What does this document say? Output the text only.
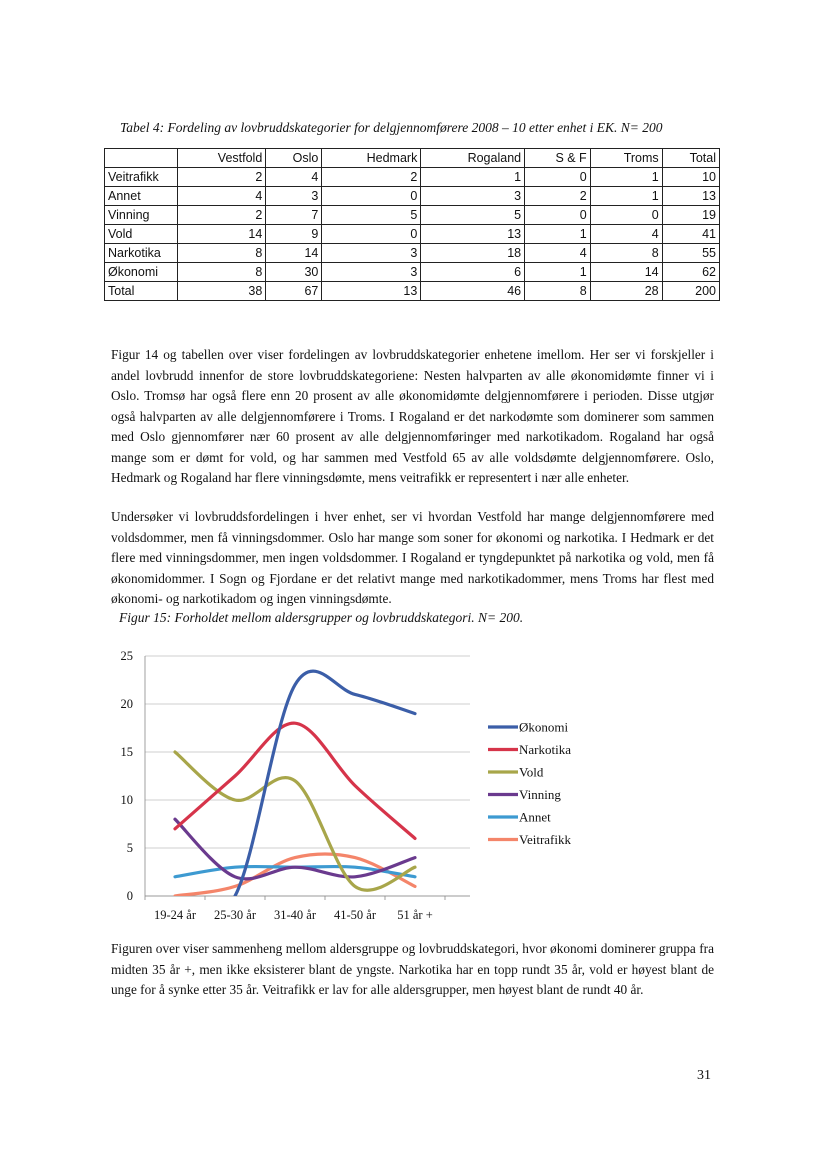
Tabel 4: Fordeling av lovbruddskategorier for delgjennomførere 2008 – 10 etter enhet i EK. N= 200
	Vestfold	Oslo	Hedmark	Rogaland	S & F	Troms	Total
Veitrafikk	2	4	2	1	0	1	10
Annet	4	3	0	3	2	1	13
Vinning	2	7	5	5	0	0	19
Vold	14	9	0	13	1	4	41
Narkotika	8	14	3	18	4	8	55
Økonomi	8	30	3	6	1	14	62
Total	38	67	13	46	8	28	200

Figur 14 og tabellen over viser fordelingen av lovbruddskategorier enhetene imellom. Her ser vi forskjeller i andel lovbrudd innenfor de store lovbruddskategoriene: Nesten halvparten av alle økonomidømte finner vi i Oslo. Tromsø har også flere enn 20 prosent av alle økonomidømte delgjennomførere i perioden. Disse utgjør også halvparten av alle delgjennomførere i Troms. I Rogaland er det narkodømte som dominerer som sammen med Oslo gjennomfører nær 60 prosent av alle delgjennomføringer med narkotikadom. Rogaland har også mange som er dømt for vold, og har sammen med Vestfold 65 av alle voldsdømte delgjennomførere. Oslo, Hedmark og Rogaland har flere vinningsdømte, mens veitrafikk er representert i nær alle enheter.

Undersøker vi lovbruddsfordelingen i hver enhet, ser vi hvordan Vestfold har mange delgjennomførere med voldsdommer, men få vinningsdommer. Oslo har mange som soner for økonomi og narkotika. I Hedmark er det flere med vinningsdommer, men ingen voldsdommer. I Rogaland er tyngdepunktet på narkotika og vold, men få økonomidommer. I Sogn og Fjordane er det relativt mange med narkotikadommer, mens Troms har flest med økonomi- og narkotikadom og ingen vinningsdømte.

Figur 15: Forholdet mellom aldersgrupper og lovbruddskategori. N= 200.
0
5
10
15
20
25
19-24 år 25-30 år 31-40 år 41-50 år 51 år +
Økonomi
Narkotika
Vold
Vinning
Annet
Veitrafikk

Figuren over viser sammenheng mellom aldersgruppe og lovbruddskategori, hvor økonomi dominerer gruppa fra midten 35 år +, men ikke eksisterer blant de yngste. Narkotika har en topp rundt 35 år, vold er høyest blant de unge for å synke etter 35 år. Veitrafikk er lav for alle aldersgrupper, men høyest blant de rundt 40 år.

31
